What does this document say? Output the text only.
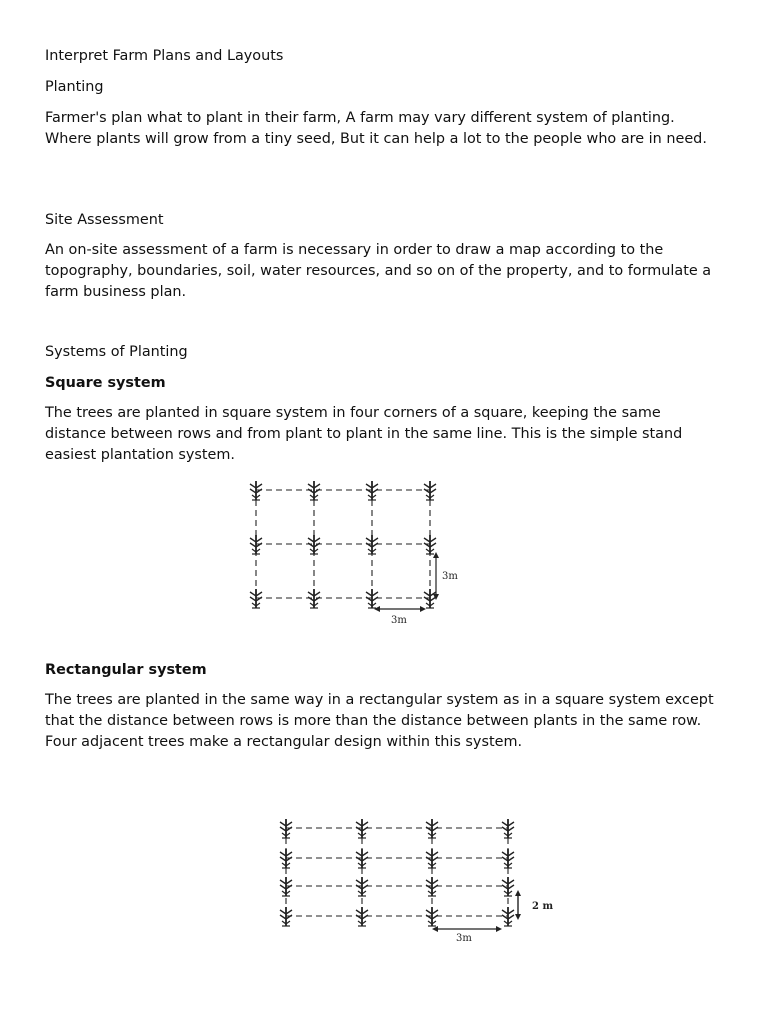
Interpret Farm Plans and Layouts
Planting
Farmer's plan what to plant in their farm, A farm may vary different system of planting. Where plants will grow from a tiny seed, But it can help a lot to the people who are in need.
Site Assessment
An on-site assessment of a farm is necessary in order to draw a map according to the topography, boundaries, soil, water resources, and so on of the property, and to formulate a farm business plan.
Systems of Planting
Square system
The trees are planted in square system in four corners of a square, keeping the same distance between rows and from plant to plant in the same line. This is the simple stand easiest plantation system.
Rectangular system
The trees are planted in the same way in a rectangular system as in a square system except that the distance between rows is more than the distance between plants in the same row. Four adjacent trees make a rectangular design within this system.
3m
3m
2 m
3m
